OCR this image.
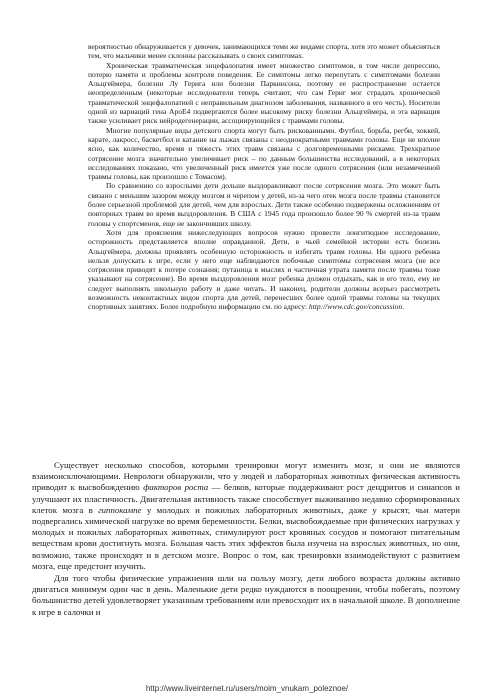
вероятностью обнаруживается у девочек, занимающихся теми же видами спорта, хотя это может объясняться тем, что мальчики менее склонны рассказывать о своих симптомах.

Хроническая травматическая энцефалопатия имеет множество симптомов, в том числе депрессию, потерю памяти и проблемы контроля поведения. Ее симптомы легко перепутать с симптомами болезни Альцгеймера, болезни Лу Герига или болезни Паркинсона, поэтому ее распространение остается неопределенным (некоторые исследователи теперь считают, что сам Гериг мог страдать хронической травматической энцефалопатией с неправильным диагнозом заболевания, названного в его честь). Носители одной из вариаций гена ApoE4 подвергаются более высокому риску болезни Альцгеймера, и эта вариация также усиливает риск нейродегенерации, ассоциирующейся с травмами головы.

Многие популярные виды детского спорта могут быть рискованными. Футбол, борьба, регби, хоккей, карате, лакросс, баскетбол и катание на лыжах связаны с неоднократными травмами головы. Еще не вполне ясно, как количество, время и тяжесть этих травм связаны с долговременными рисками. Трехкратное сотрясение мозга значительно увеличивает риск – по данным большинства исследований, а в некоторых исследованиях показано, что увеличенный риск имеется уже после одного сотрясения (или незамеченной травмы головы, как произошло с Томасом).

По сравнению со взрослыми дети дольше выздоравливают после сотрясения мозга. Это может быть связано с меньшим зазором между мозгом и черепом у детей, из-за чего отек мозга после травмы становится более серьезной проблемой для детей, чем для взрослых. Дети также особенно подвержены осложнениям от повторных травм во время выздоровления. В США с 1945 года произошло более 90 % смертей из-за травм головы у спортсменов, еще не закончивших школу.

Хотя для прояснения нижеследующих вопросов нужно провести лонгитюдное исследование, осторожность представляется вполне оправданной. Дети, в чьей семейной истории есть болезнь Альцгеймера, должны проявлять особенную осторожность и избегать травм головы. Ни одного ребенка нельзя допускать к игре, если у него еще наблюдаются побочные симптомы сотрясения мозга (не все сотрясения приводят к потере сознания; путаница в мыслях и частичная утрата памяти после травмы тоже указывают на сотрясение). Во время выздоровления мозг ребенка должен отдыхать, как и его тело, ему не следует выполнять школьную работу и даже читать. И наконец, родители должны всерьез рассмотреть возможность неконтактных видов спорта для детей, перенесших более одной травмы головы на текущих спортивных занятиях. Более подробную информацию см. по адресу: http://www.cdc.gov/concussion.

Существует несколько способов, которыми тренировки могут изменить мозг, и они не являются взаимоисключающими. Неврологи обнаружили, что у людей и лабораторных животных физическая активность приводит к высвобождению факторов роста — белков, которые поддерживают рост дендритов и синапсов и улучшают их пластичность. Двигательная активность также способствует выживанию недавно сформированных клеток мозга в гиппокампе у молодых и пожилых лабораторных животных, даже у крысят, чьи матери подвергались химической нагрузке во время беременности. Белки, высвобождаемые при физических нагрузках у молодых и пожилых лабораторных животных, стимулируют рост кровяных сосудов и помогают питательным веществам крови достигнуть мозга. Большая часть этих эффектов была изучена на взрослых животных, но они, возможно, также происходят и в детском мозге. Вопрос о том, как тренировки взаимодействуют с развитием мозга, еще предстоит изучить.

Для того чтобы физические упражнения шли на пользу мозгу, дети любого возраста должны активно двигаться минимум один час в день. Маленькие дети редко нуждаются в поощрении, чтобы побегать, поэтому большинство детей удовлетворяет указанным требованиям или превосходит их в начальной школе. В дополнение к игре в салочки и

http://www.liveinternet.ru/users/moim_vnukam_poleznoe/
